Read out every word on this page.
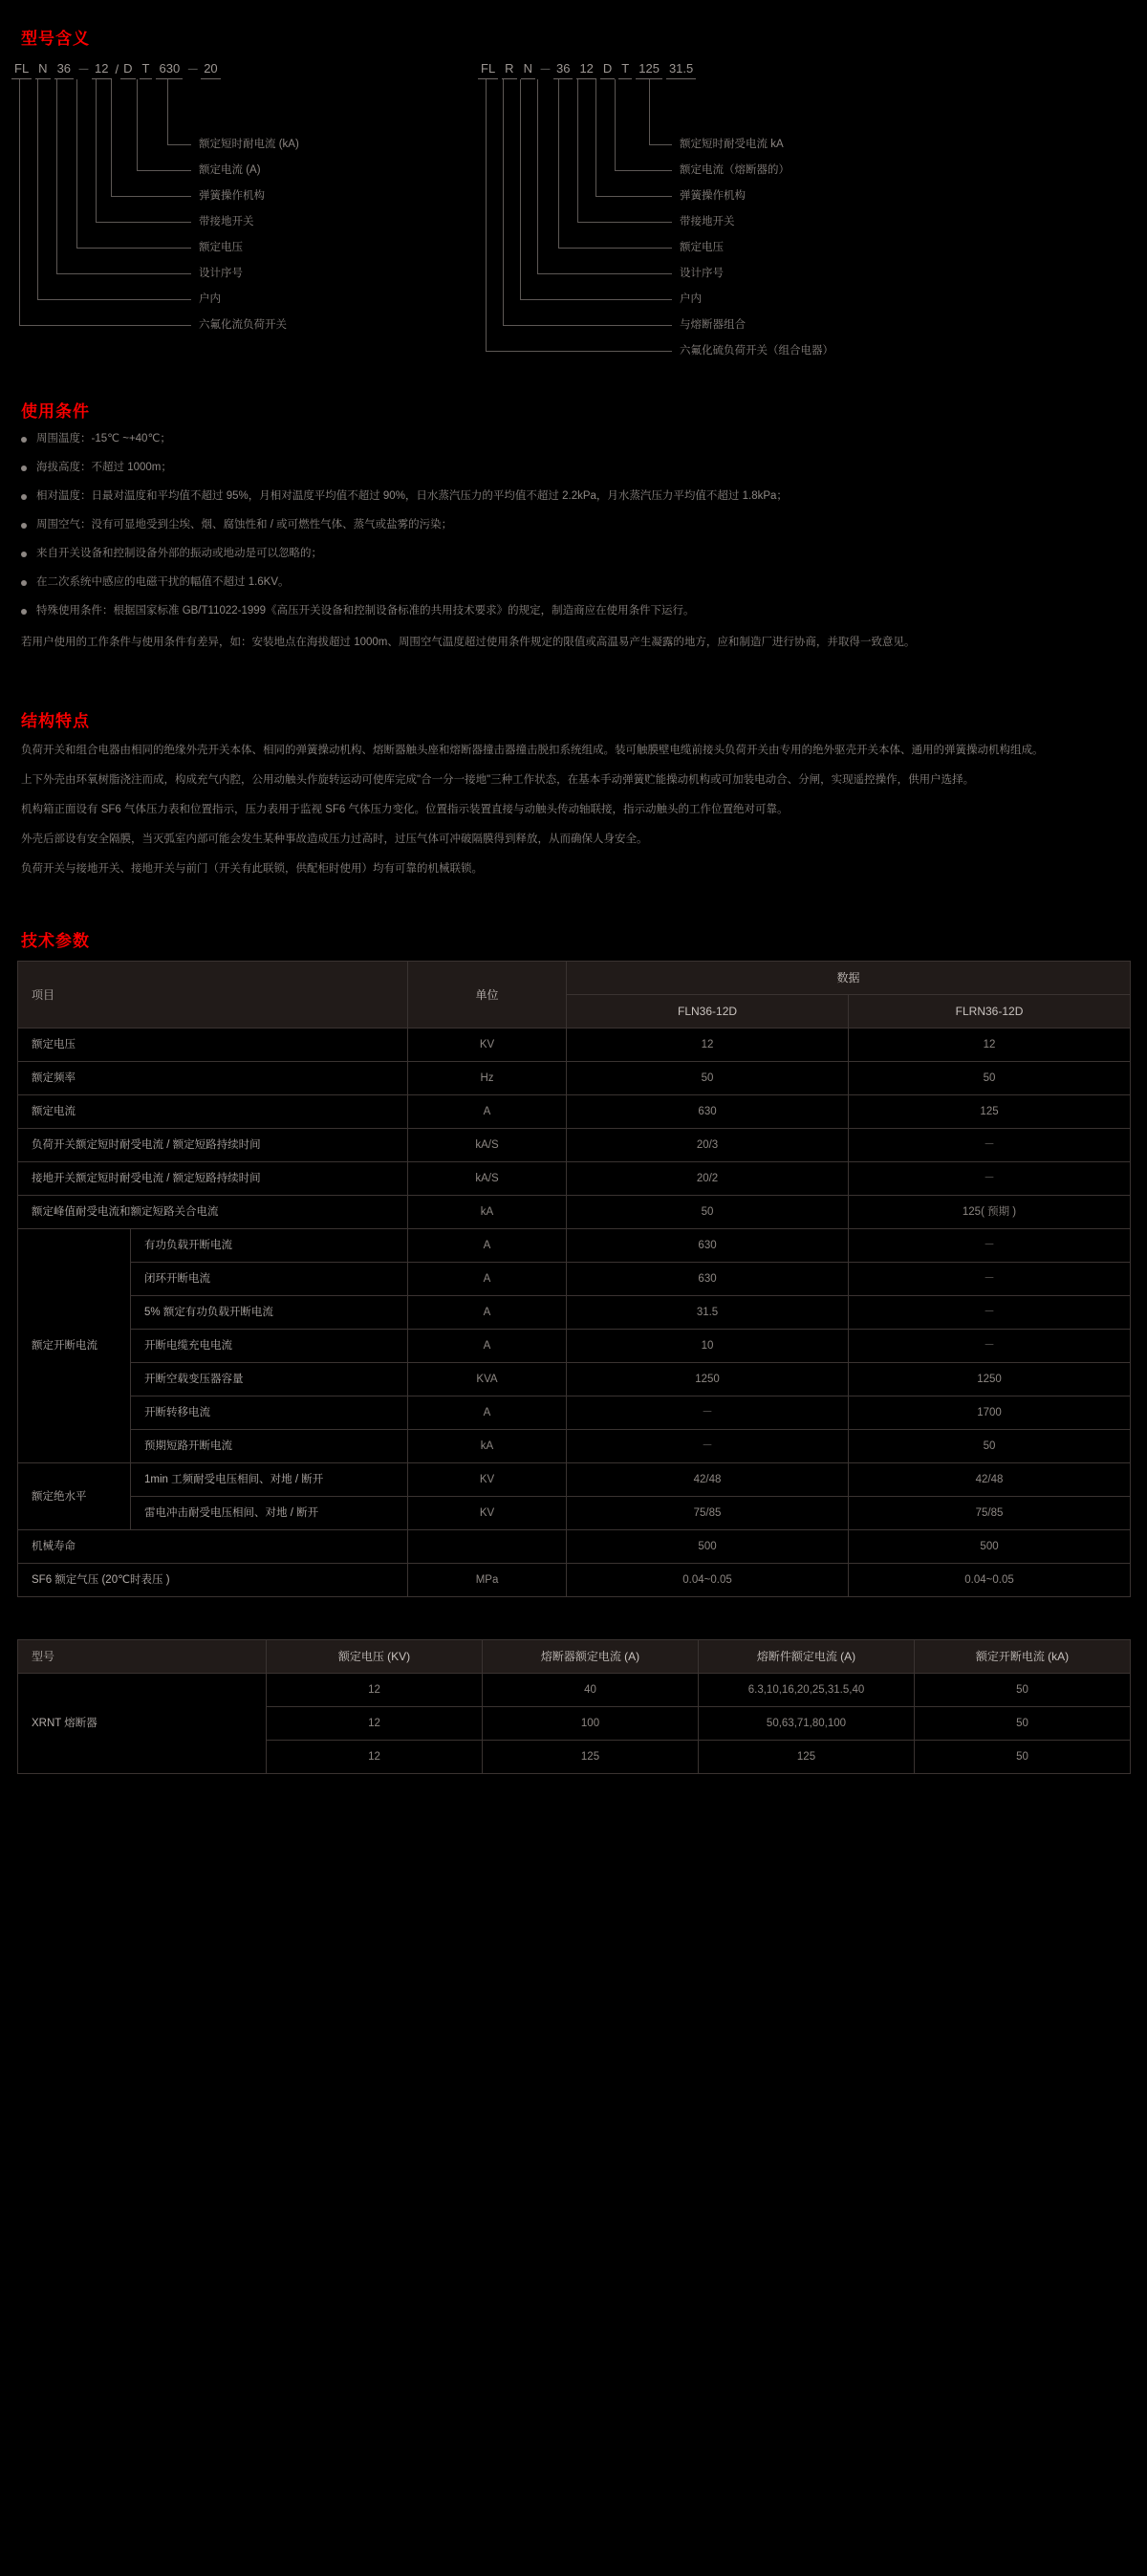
型号含义
FL N 36 － 12 / D T 630 － 20
额定短时耐电流 (kA)
额定电流 (A)
弹簧操作机构
带接地开关
额定电压
设计序号
户内
六氟化流负荷开关
FL R N － 36 12 D T 125 31.5
额定短时耐受电流 kA
额定电流（熔断器的）
弹簧操作机构
带接地开关
额定电压
设计序号
户内
与熔断器组合
六氟化硫负荷开关（组合电器）
使用条件
周围温度：-15℃ ~+40℃；
海拔高度：不超过 1000m；
相对温度：日最对温度和平均值不超过 95%，月相对温度平均值不超过 90%，日水蒸汽压力的平均值不超过 2.2kPa，月水蒸汽压力平均值不超过 1.8kPa；
周围空气：没有可显地受到尘埃、烟、腐蚀性和 / 或可燃性气体、蒸气或盐雾的污染；
来自开关设备和控制设备外部的振动或地动是可以忽略的；
在二次系统中感应的电磁干扰的幅值不超过 1.6KV。
特殊使用条件：根据国家标准 GB/T11022-1999《高压开关设备和控制设备标准的共用技术要求》的规定，制造商应在使用条件下运行。

若用户使用的工作条件与使用条件有差异，如：安装地点在海拔超过 1000m、周围空气温度超过使用条件规定的限值或高温易产生凝露的地方，应和制造厂进行协商，并取得一致意见。

结构特点

负荷开关和组合电器由相同的绝缘外壳开关本体、相同的弹簧操动机构、熔断器触头座和熔断器撞击器撞击脱扣系统组成。装可触膜壁电缆前接头负荷开关由专用的绝外驱壳开关本体、通用的弹簧操动机构组成。

上下外壳由环氧树脂浇注而成，构成充气内腔，公用动触头作旋转运动可使库完成"合一分一接地"三种工作状态，在基本手动弹簧贮能操动机构或可加装电动合、分闸，实现遥控操作，供用户选择。

机构箱正面设有 SF6 气体压力表和位置指示，压力表用于监视 SF6 气体压力变化。位置指示装置直接与动触头传动轴联接，指示动触头的工作位置绝对可靠。

外壳后部设有安全隔膜，当灭弧室内部可能会发生某种事故造成压力过高时，过压气体可冲破隔膜得到释放，从而确保人身安全。

负荷开关与接地开关、接地开关与前门（开关有此联锁，供配柜时使用）均有可靠的机械联锁。

技术参数
项目		单位	数据	
			FLN36-12D	FLRN36-12D
额定电压		KV	12	12
额定频率		Hz	50	50
额定电流		A	630	125
负荷开关额定短时耐受电流 / 额定短路持续时间		kA/S	20/3	－
接地开关额定短时耐受电流 / 额定短路持续时间		kA/S	20/2	－
额定峰值耐受电流和额定短路关合电流		kA	50	125( 预期 )
额定开断电流	有功负载开断电流	A	630	－
	闭环开断电流	A	630	－
	5% 额定有功负载开断电流	A	31.5	－
	开断电缆充电电流	A	10	－
	开断空载变压器容量	KVA	1250	1250
	开断转移电流	A	－	1700
	预期短路开断电流	kA	－	50
额定绝水平	1min 工频耐受电压相间、对地 / 断开	KV	42/48	42/48
	雷电冲击耐受电压相间、对地 / 断开	KV	75/85	75/85
机械寿命			500	500
SF6 额定气压 (20℃时表压 )		MPa	0.04~0.05	0.04~0.05
型号	额定电压 (KV)	熔断器额定电流 (A)	熔断件额定电流 (A)	额定开断电流 (kA)
XRNT 熔断器	12	40	6.3,10,16,20,25,31.5,40	50
	12	100	50,63,71,80,100	50
	12	125	125	50
